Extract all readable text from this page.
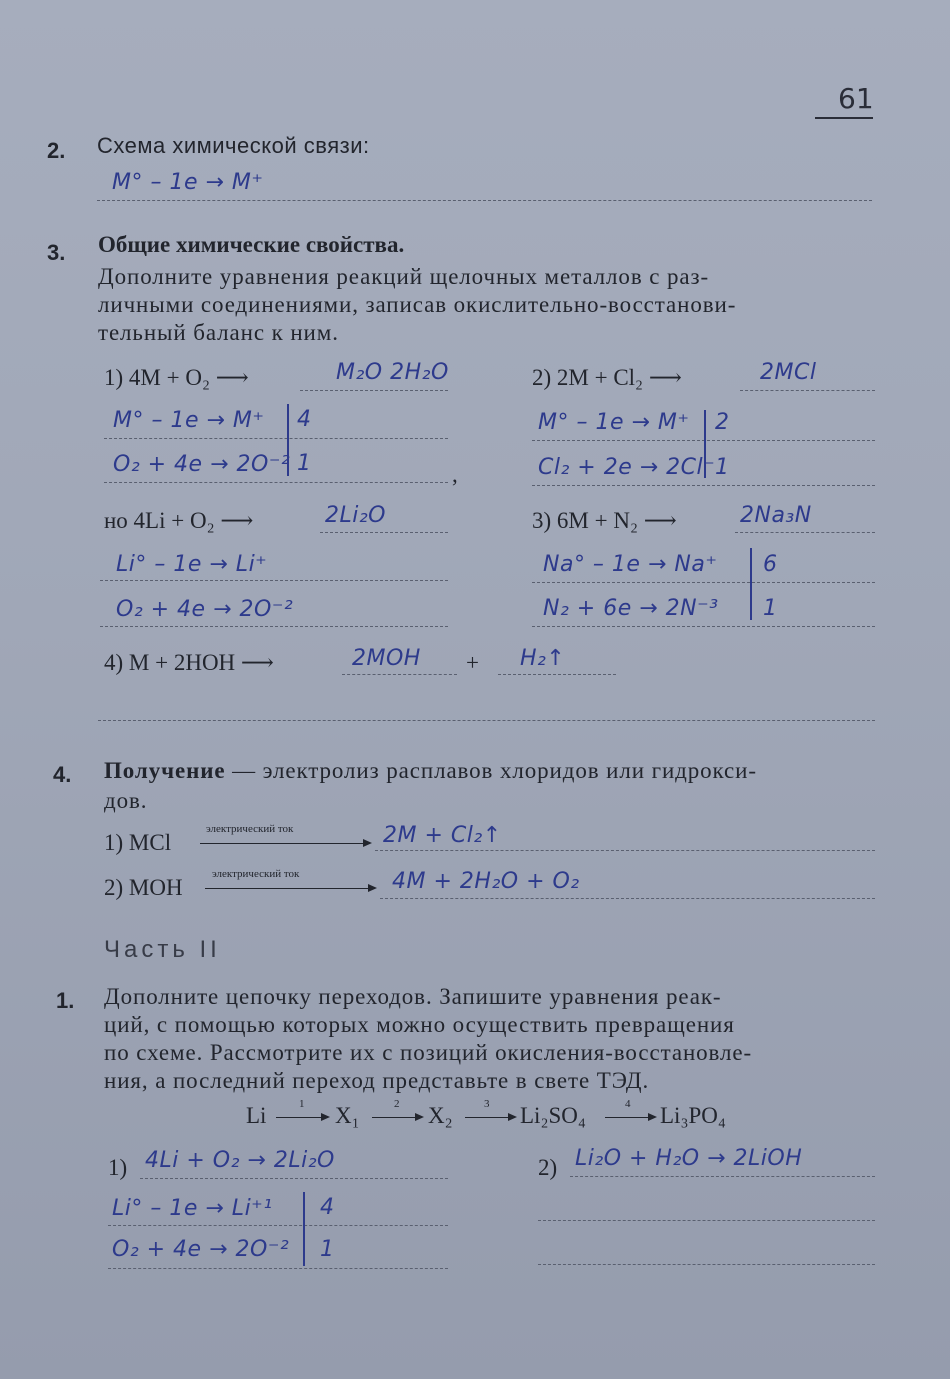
61
2. Схема химической связи:
M° – 1e → M⁺
3. Общие химические свойства.
Дополните уравнения реакций щелочных металлов с раз-
личными соединениями, записав окислительно-восстанови-
тельный баланс к ним.
1) 4M + O₂ ⟶	M₂O 2H₂O
M° – 1e → M⁺ 4
O₂ + 4e → 2O⁻² 1	,
2) 2M + Cl₂ ⟶	2MCl
M° – 1e → M⁺ 2
Cl₂ + 2e → 2Cl⁻ 1
но 4Li + O₂ ⟶	2Li₂O
Li° – 1e → Li⁺
O₂ + 4e → 2O⁻²
3) 6M + N₂ ⟶	2Na₃N
Na° – 1e → Na⁺ 6
N₂ + 6e → 2N⁻³ 1
4) M + 2HOH ⟶	2MOH + H₂↑
4. Получение — электролиз расплавов хлоридов или гидрокси-
дов.
1) MCl
электрический ток	2M + Cl₂↑
2) MOH
электрический ток	4M + 2H₂O + O₂
Часть II
1. Дополните цепочку переходов. Запишите уравнения реак-
ций, с помощью которых можно осуществить превращения
по схеме. Рассмотрите их с позиций окисления-восстановле-
ния, а последний переход представьте в свете ТЭД.
Li	1 X₁	2 X₂	3 Li₂SO₄	4 Li₃PO₄
1) 4Li + O₂ → 2Li₂O
Li° – 1e → Li⁺¹ 4
O₂ + 4e → 2O⁻² 1
2) Li₂O + H₂O → 2LiOH
